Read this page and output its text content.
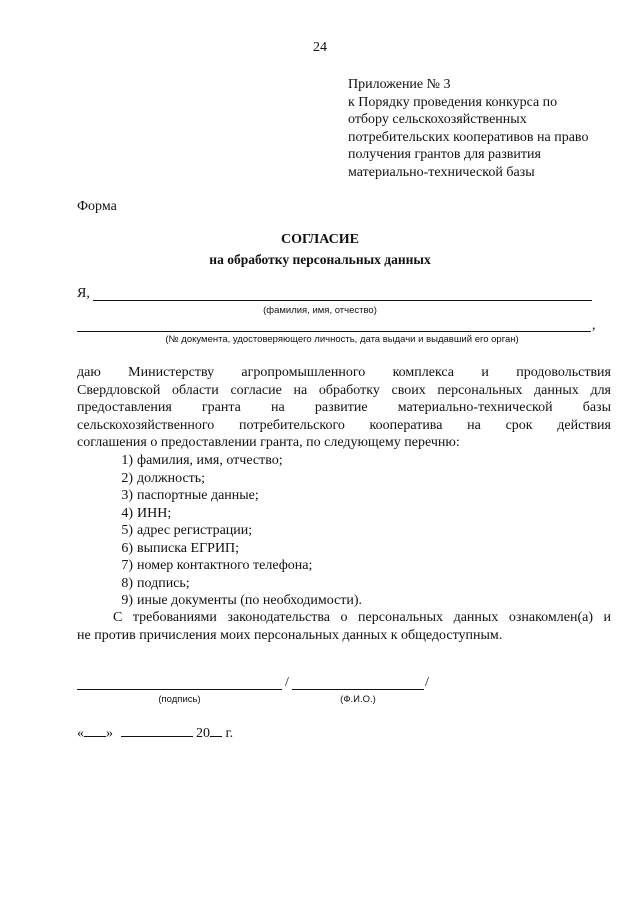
24
Приложение № 3
к Порядку проведения конкурса по
отбору сельскохозяйственных
потребительских кооперативов на право
получения грантов для развития
материально-технической базы
Форма
СОГЛАСИЕ
на обработку персональных данных
Я,
(фамилия, имя, отчество)
,
(№ документа, удостоверяющего личность, дата выдачи и выдавший его орган)
даю Министерству агропромышленного комплекса и продовольствия
Свердловской области согласие на обработку своих персональных данных для
предоставления гранта на развитие материально-технической базы
сельскохозяйственного потребительского кооператива на срок действия
соглашения о предоставлении гранта, по следующему перечню:
1) фамилия, имя, отчество;
2) должность;
3) паспортные данные;
4) ИНН;
5) адрес регистрации;
6) выписка ЕГРИП;
7) номер контактного телефона;
8) подпись;
9) иные документы (по необходимости).
С требованиями законодательства о персональных данных ознакомлен(а) и
не против причисления моих персональных данных к общедоступным.
/	/
(подпись)	(Ф.И.О.)
« »	20 г.
